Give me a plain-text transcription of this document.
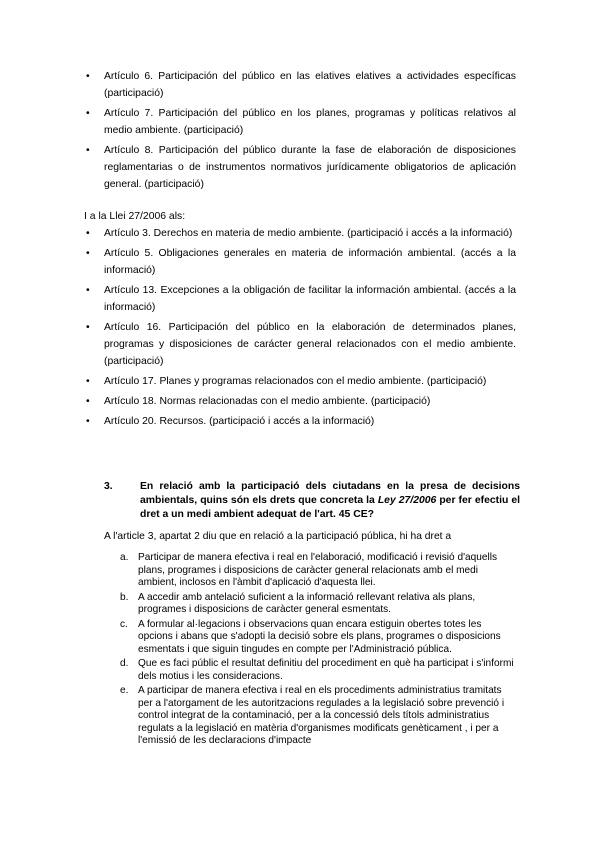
• Artículo 6. Participación del público en las elatives elatives a actividades específicas (participació)
• Artículo 7. Participación del público en los planes, programas y políticas relativos al medio ambiente. (participació)
• Artículo 8. Participación del público durante la fase de elaboración de disposiciones reglamentarias o de instrumentos normativos jurídicamente obligatorios de aplicación general. (participació)
I a la Llei 27/2006 als:
• Artículo 3. Derechos en materia de medio ambiente. (participació i accés a la informació)
• Artículo 5. Obligaciones generales en materia de información ambiental. (accés a la informació)
• Artículo 13. Excepciones a la obligación de facilitar la información ambiental. (accés a la informació)
• Artículo 16. Participación del público en la elaboración de determinados planes, programas y disposiciones de carácter general relacionados con el medio ambiente. (participació)
• Artículo 17. Planes y programas relacionados con el medio ambiente. (participació)
• Artículo 18. Normas relacionadas con el medio ambiente. (participació)
• Artículo 20. Recursos. (participació i accés a la informació)
3.	En relació amb la participació dels ciutadans en la presa de decisions ambientals, quins són els drets que concreta la Ley 27/2006 per fer efectiu el dret a un medi ambient adequat de l'art. 45 CE?
A l'article 3, apartat 2 diu que en relació a la participació pública, hi ha dret a
a. Participar de manera efectiva i real en l'elaboració, modificació i revisió d'aquells plans, programes i disposicions de caràcter general relacionats amb el medi ambient, inclosos en l'àmbit d'aplicació d'aquesta llei.
b. A accedir amb antelació suficient a la informació rellevant relativa als plans, programes i disposicions de caràcter general esmentats.
c. A formular al·legacions i observacions quan encara estiguin obertes totes les opcions i abans que s'adopti la decisió sobre els plans, programes o disposicions esmentats i que siguin tingudes en compte per l'Administració pública.
d. Que es faci públic el resultat definitiu del procediment en què ha participat i s'informi dels motius i les consideracions.
e. A participar de manera efectiva i real en els procediments administratius tramitats per a l'atorgament de les autoritzacions regulades a la legislació sobre prevenció i control integrat de la contaminació, per a la concessió dels títols administratius regulats a la legislació en matèria d'organismes modificats genèticament , i per a l'emissió de les declaracions d'impacte
